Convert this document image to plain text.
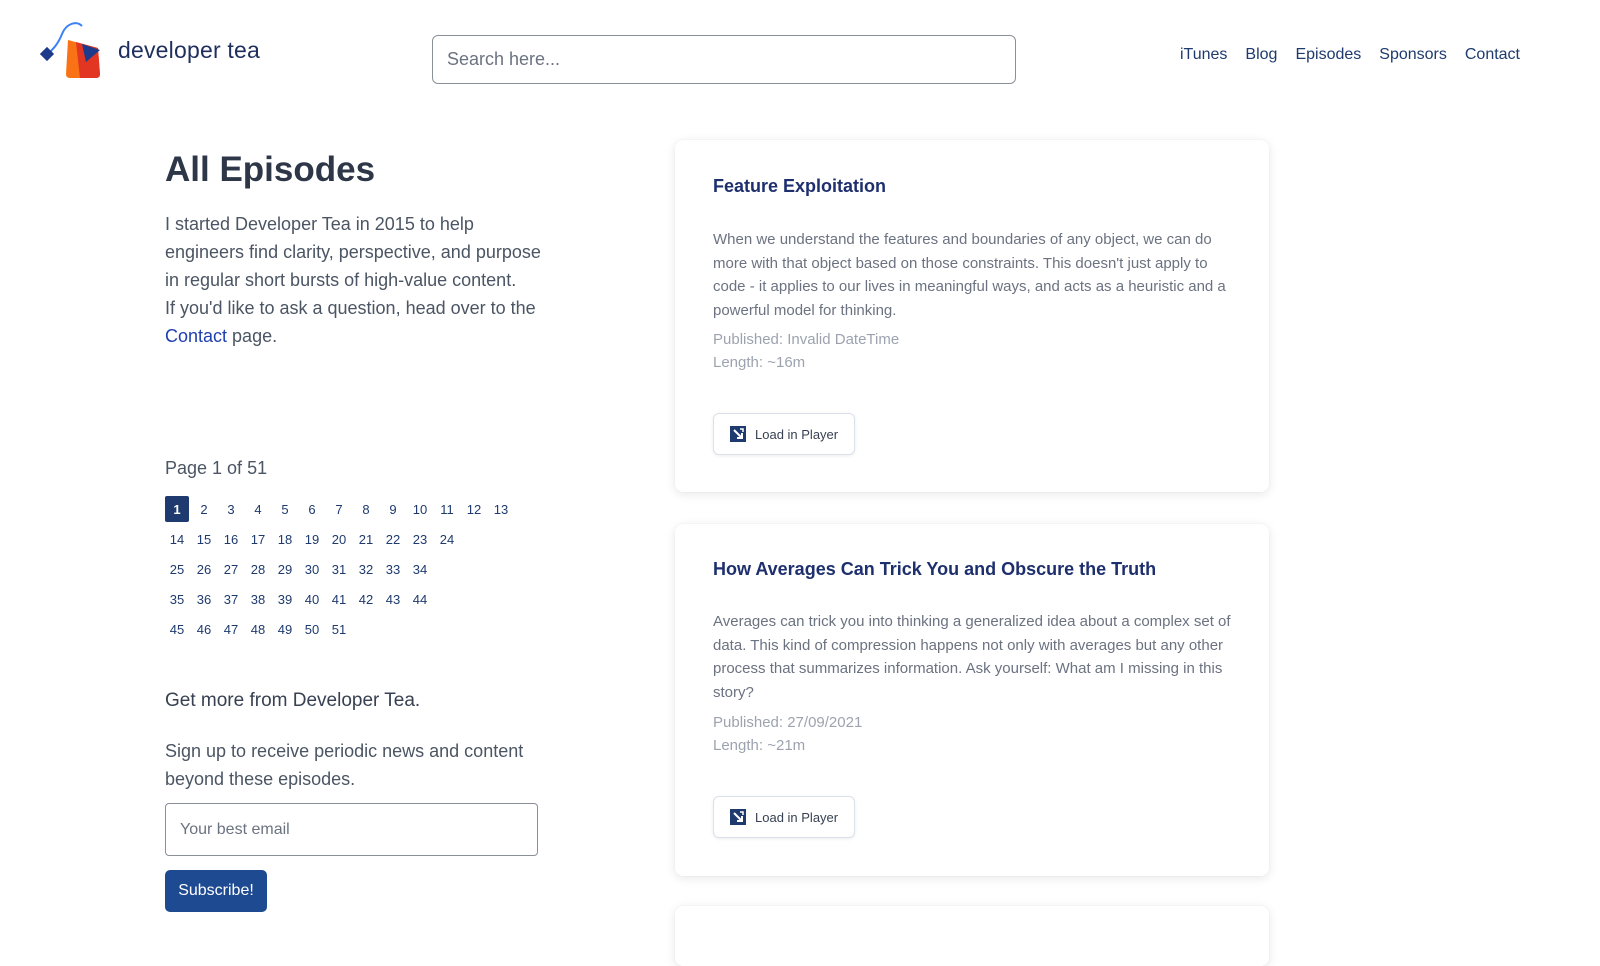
developer tea
Search here...	iTunes Blog Episodes Sponsors Contact
All Episodes

I started Developer Tea in 2015 to help engineers find clarity, perspective, and purpose in regular short bursts of high-value content.

If you'd like to ask a question, head over to the Contact page.

Page 1 of 51
1	2	3	4	5	6	7	8	9	10	11	12 13
14 15 16 17 18 19 20 21 22 23 24
25 26 27 28 29 30 31 32 33 34
35 36 37 38 39 40 41 42 43 44
45 46 47 48 49 50 51
Get more from Developer Tea.
Sign up to receive periodic news and content beyond these episodes.
Your best email
Subscribe!
Feature Exploitation

When we understand the features and boundaries of any object, we can do more with that object based on those constraints. This doesn't just apply to code - it applies to our lives in meaningful ways, and acts as a heuristic and a powerful model for thinking.

Published: Invalid DateTime
Length: ~16m
Load in Player
How Averages Can Trick You and Obscure the Truth

Averages can trick you into thinking a generalized idea about a complex set of data. This kind of compression happens not only with averages but any other process that summarizes information. Ask yourself: What am I missing in this story?

Published: 27/09/2021
Length: ~21m
Load in Player
